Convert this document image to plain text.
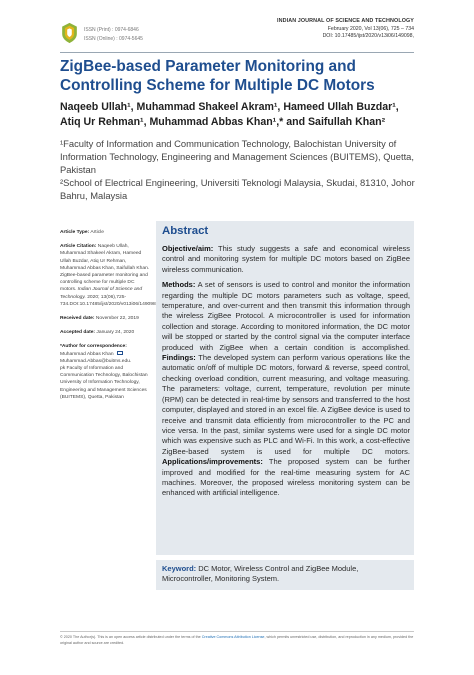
ISSN (Print) : 0974-6846
ISSN (Online) : 0974-5645
INDIAN JOURNAL OF SCIENCE AND TECHNOLOGY
February 2020, Vol 13(06), 725 – 734
DOI: 10.17485/ijst/2020/v13i06/149098,
ZigBee-based Parameter Monitoring and Controlling Scheme for Multiple DC Motors
Naqeeb Ullah¹, Muhammad Shakeel Akram¹, Hameed Ullah Buzdar¹,
Atiq Ur Rehman¹, Muhammad Abbas Khan¹,* and Saifullah Khan²
¹Faculty of Information and Communication Technology, Balochistan University of Information Technology, Engineering and Management Sciences (BUITEMS), Quetta, Pakistan
²School of Electrical Engineering, Universiti Teknologi Malaysia, Skudai, 81310, Johor Bahru, Malaysia
Article Type: Article
Article Citation: Naqeeb Ullah, Muhammad Shakeel Akram, Hameed Ullah Buzdar, Atiq Ur Rehman, Muhammad Abbas Khan, Saifullah Khan. ZigBee-based parameter monitoring and controlling scheme for multiple DC motors. Indian Journal of Science and Technology. 2020; 13(06),725-734.DOI:10.17485/ijst/2020/v013i06/149098
Received date: November 22, 2019
Accepted date: January 24, 2020
*Author for correspondence:
Muhammad Abbas Khan
Muhammad.Abbas@buitms.edu.
pk Faculty of Information and Communication Technology, Balochistan University of Information Technology, Engineering and Management Sciences (BUITEMS), Quetta, Pakistan
Abstract

Objective/aim: This study suggests a safe and economical wireless control and monitoring system for multiple DC motors based on ZigBee wireless communication.

Methods: A set of sensors is used to control and monitor the information regarding the multiple DC motors parameters such as voltage, speed, temperature, and over-current and then transmit this information through the wireless ZigBee Protocol. A microcontroller is used for information collection and storage. According to monitored information, the DC motor will be stopped or started by the control signal via the computer interface produced with ZigBee when a certain condition is accomplished. Findings: The developed system can perform various operations like the automatic on/off of multiple DC motors, forward & reverse, speed control, checking overload condition, current measuring, and voltage measuring. The parameters: voltage, current, temperature, revolution per minute (RPM) can be detected in real-time by sensors and transferred to the host computer, displayed and stored in an excel file. A ZigBee device is used to receive and transmit data efficiently from microcontroller to the PC and vice versa. In the past, similar systems were used for a single DC motor which was expensive such as PLC and Wi-Fi. In this work, a cost-effective ZigBee-based system is used for multiple DC motors. Applications/improvements: The proposed system can be further improved and modified for the real-time measuring system for AC machines. Moreover, the proposed wireless monitoring system can be enhanced with artificial intelligence.

Keyword: DC Motor, Wireless Control and ZigBee Module, Microcontroller, Monitoring System.
© 2020 The Author(s). This is an open access article distributed under the terms of the Creative Commons Attribution License, which permits unrestricted use, distribution, and reproduction in any medium, provided the original author and source are credited.
